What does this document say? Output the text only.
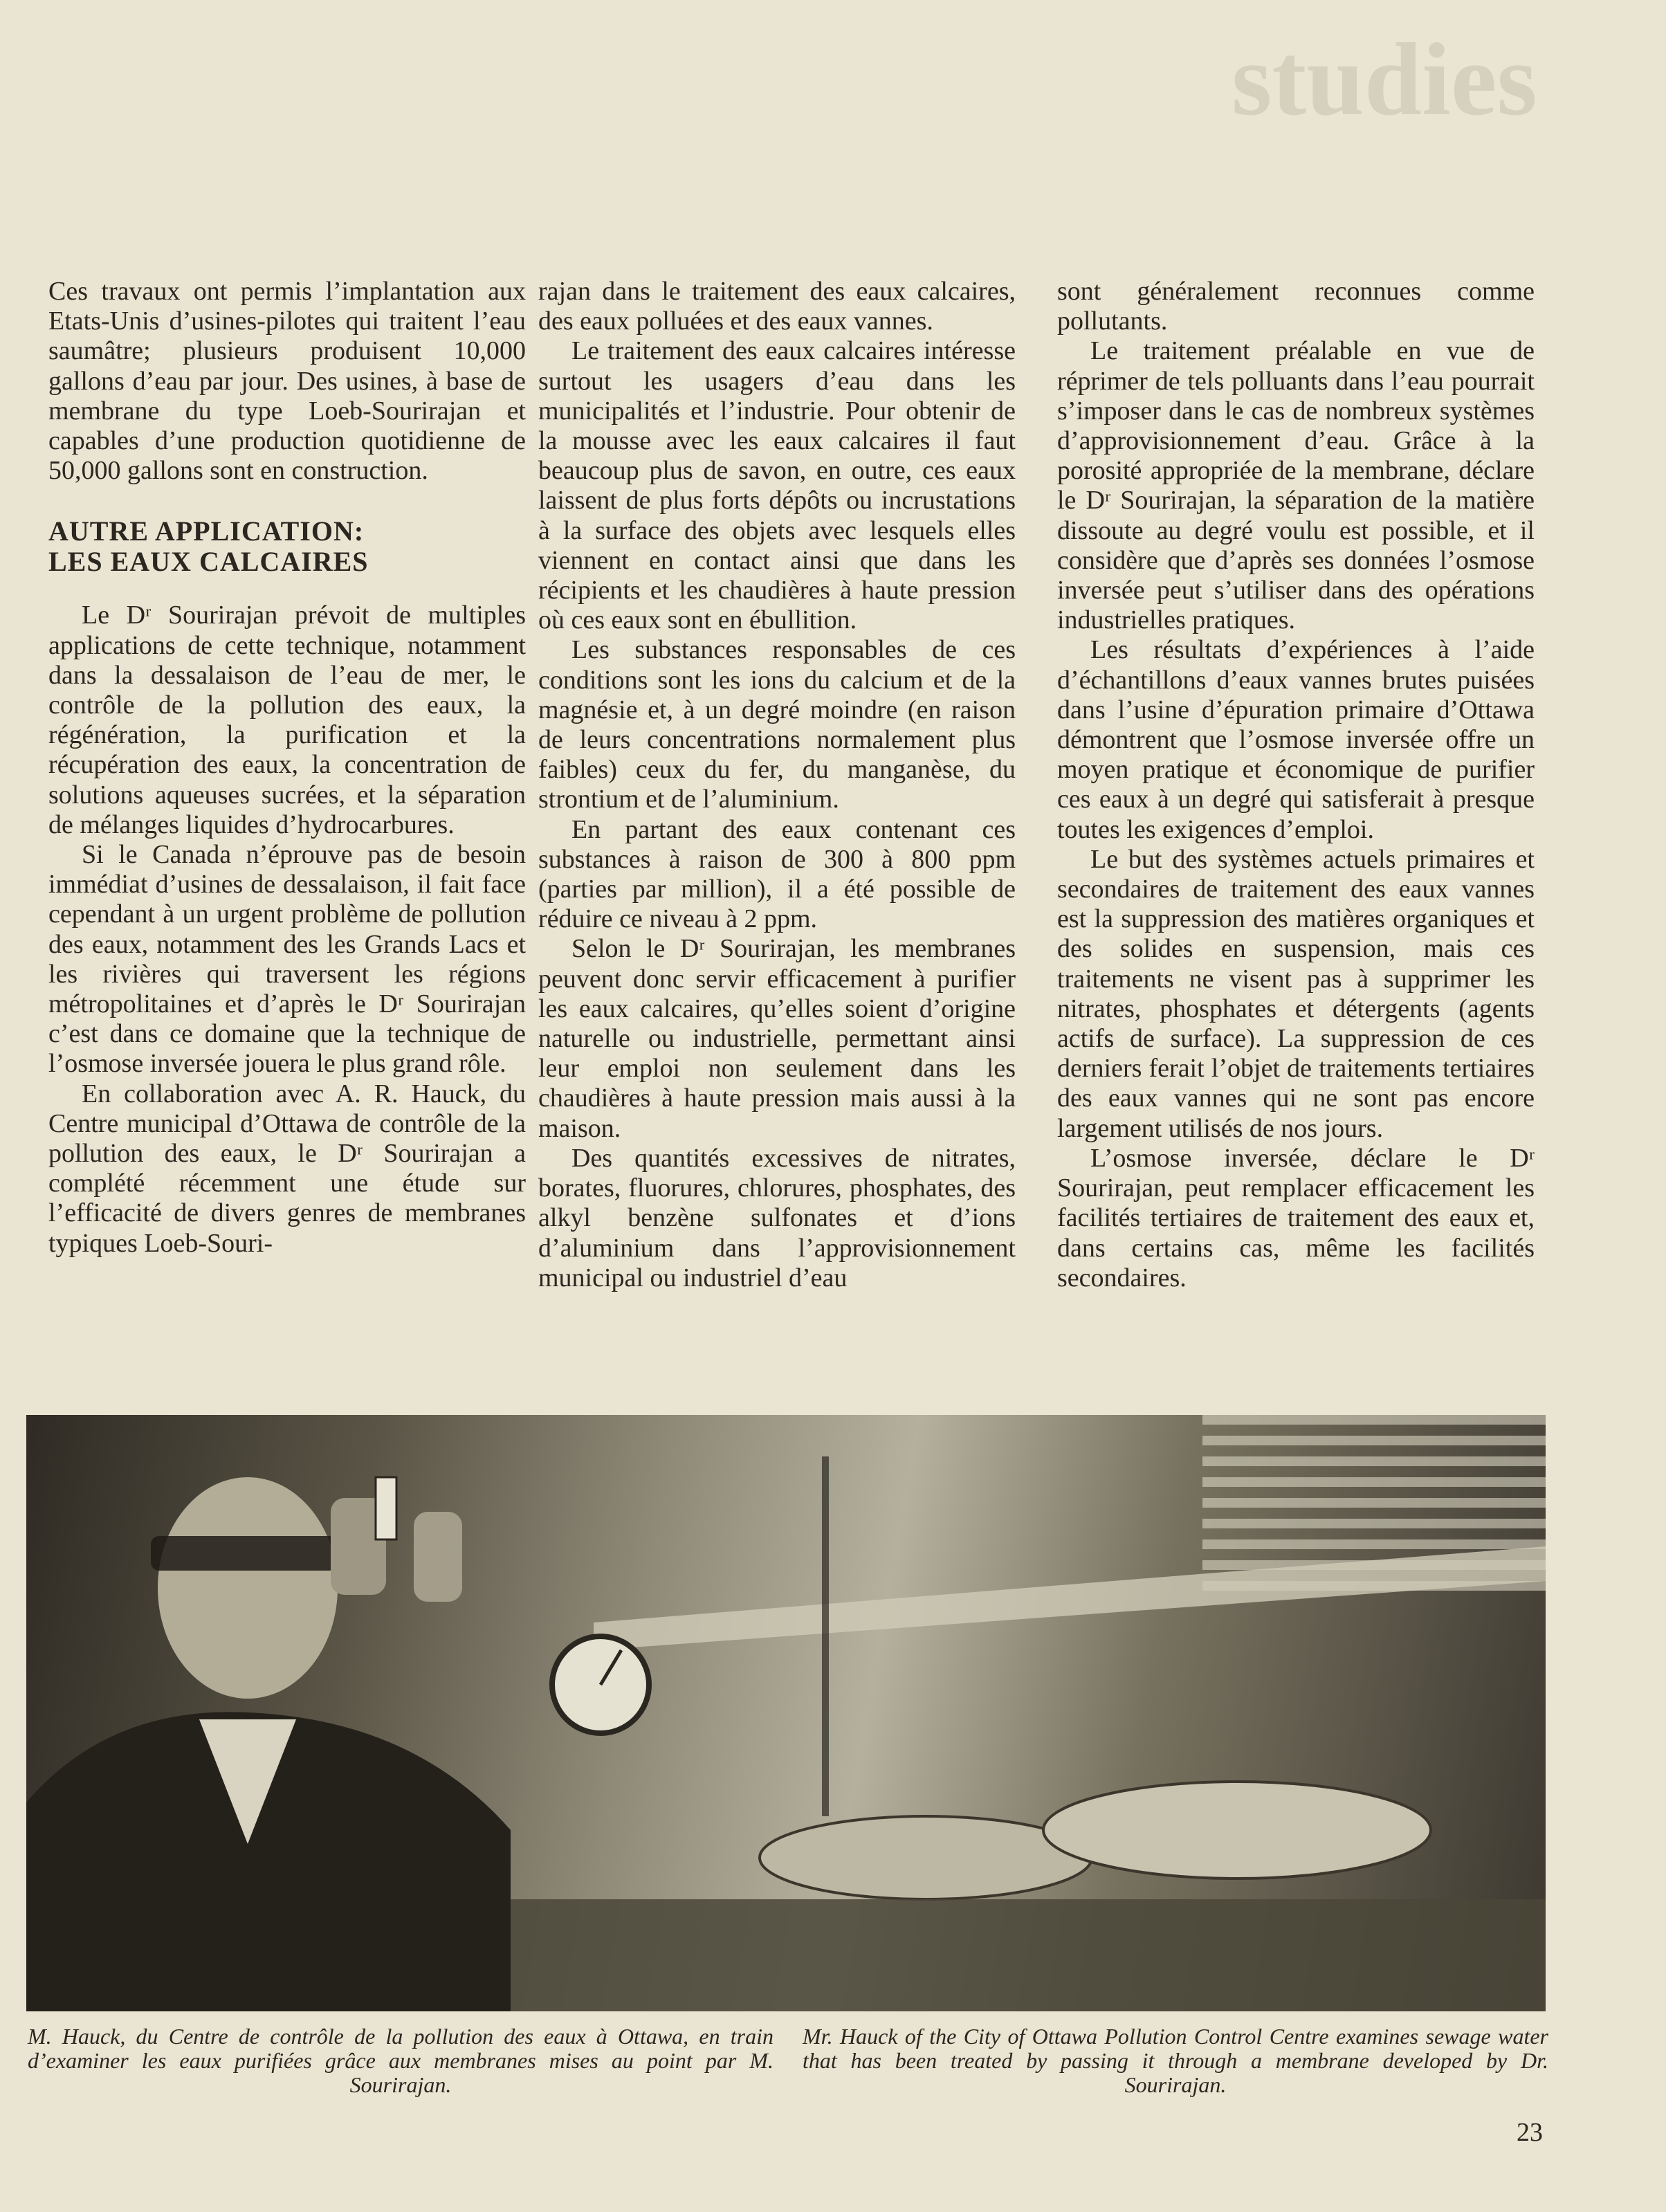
studies

Ces travaux ont permis l’implantation aux Etats-Unis d’usines-pilotes qui traitent l’eau saumâtre; plusieurs produisent 10,000 gallons d’eau par jour. Des usines, à base de membrane du type Loeb-Sourirajan et capables d’une production quotidienne de 50,000 gallons sont en construction.

AUTRE APPLICATION:
LES EAUX CALCAIRES

Le Dʳ Sourirajan prévoit de multiples applications de cette technique, notamment dans la dessalaison de l’eau de mer, le contrôle de la pollution des eaux, la régénération, la purification et la récupération des eaux, la concentration de solutions aqueuses sucrées, et la séparation de mélanges liquides d’hydrocarbures.

Si le Canada n’éprouve pas de besoin immédiat d’usines de dessalaison, il fait face cependant à un urgent problème de pollution des eaux, notamment des les Grands Lacs et les rivières qui traversent les régions métropolitaines et d’après le Dʳ Sourirajan c’est dans ce domaine que la technique de l’osmose inversée jouera le plus grand rôle.

En collaboration avec A. R. Hauck, du Centre municipal d’Ottawa de contrôle de la pollution des eaux, le Dʳ Sourirajan a complété récemment une étude sur l’efficacité de divers genres de membranes typiques Loeb-Souri-

rajan dans le traitement des eaux calcaires, des eaux polluées et des eaux vannes.

Le traitement des eaux calcaires intéresse surtout les usagers d’eau dans les municipalités et l’industrie. Pour obtenir de la mousse avec les eaux calcaires il faut beaucoup plus de savon, en outre, ces eaux laissent de plus forts dépôts ou incrustations à la surface des objets avec lesquels elles viennent en contact ainsi que dans les récipients et les chaudières à haute pression où ces eaux sont en ébullition.

Les substances responsables de ces conditions sont les ions du calcium et de la magnésie et, à un degré moindre (en raison de leurs concentrations normalement plus faibles) ceux du fer, du manganèse, du strontium et de l’aluminium.

En partant des eaux contenant ces substances à raison de 300 à 800 ppm (parties par million), il a été possible de réduire ce niveau à 2 ppm.

Selon le Dʳ Sourirajan, les membranes peuvent donc servir efficacement à purifier les eaux calcaires, qu’elles soient d’origine naturelle ou industrielle, permettant ainsi leur emploi non seulement dans les chaudières à haute pression mais aussi à la maison.

Des quantités excessives de nitrates, borates, fluorures, chlorures, phosphates, des alkyl benzène sulfonates et d’ions d’aluminium dans l’approvisionnement municipal ou industriel d’eau

sont généralement reconnues comme pollutants.

Le traitement préalable en vue de réprimer de tels polluants dans l’eau pourrait s’imposer dans le cas de nombreux systèmes d’approvisionnement d’eau. Grâce à la porosité appropriée de la membrane, déclare le Dʳ Sourirajan, la séparation de la matière dissoute au degré voulu est possible, et il considère que d’après ses données l’osmose inversée peut s’utiliser dans des opérations industrielles pratiques.

Les résultats d’expériences à l’aide d’échantillons d’eaux vannes brutes puisées dans l’usine d’épuration primaire d’Ottawa démontrent que l’osmose inversée offre un moyen pratique et économique de purifier ces eaux à un degré qui satisferait à presque toutes les exigences d’emploi.

Le but des systèmes actuels primaires et secondaires de traitement des eaux vannes est la suppression des matières organiques et des solides en suspension, mais ces traitements ne visent pas à supprimer les nitrates, phosphates et détergents (agents actifs de surface). La suppression de ces derniers ferait l’objet de traitements tertiaires des eaux vannes qui ne sont pas encore largement utilisés de nos jours.

L’osmose inversée, déclare le Dʳ Sourirajan, peut remplacer efficacement les facilités tertiaires de traitement des eaux et, dans certains cas, même les facilités secondaires.

M. Hauck, du Centre de contrôle de la pollution des eaux à Ottawa, en train d’examiner les eaux purifiées grâce aux membranes mises au point par M. Sourirajan.
Mr. Hauck of the City of Ottawa Pollution Control Centre examines sewage water that has been treated by passing it through a membrane developed by Dr. Sourirajan.
23
